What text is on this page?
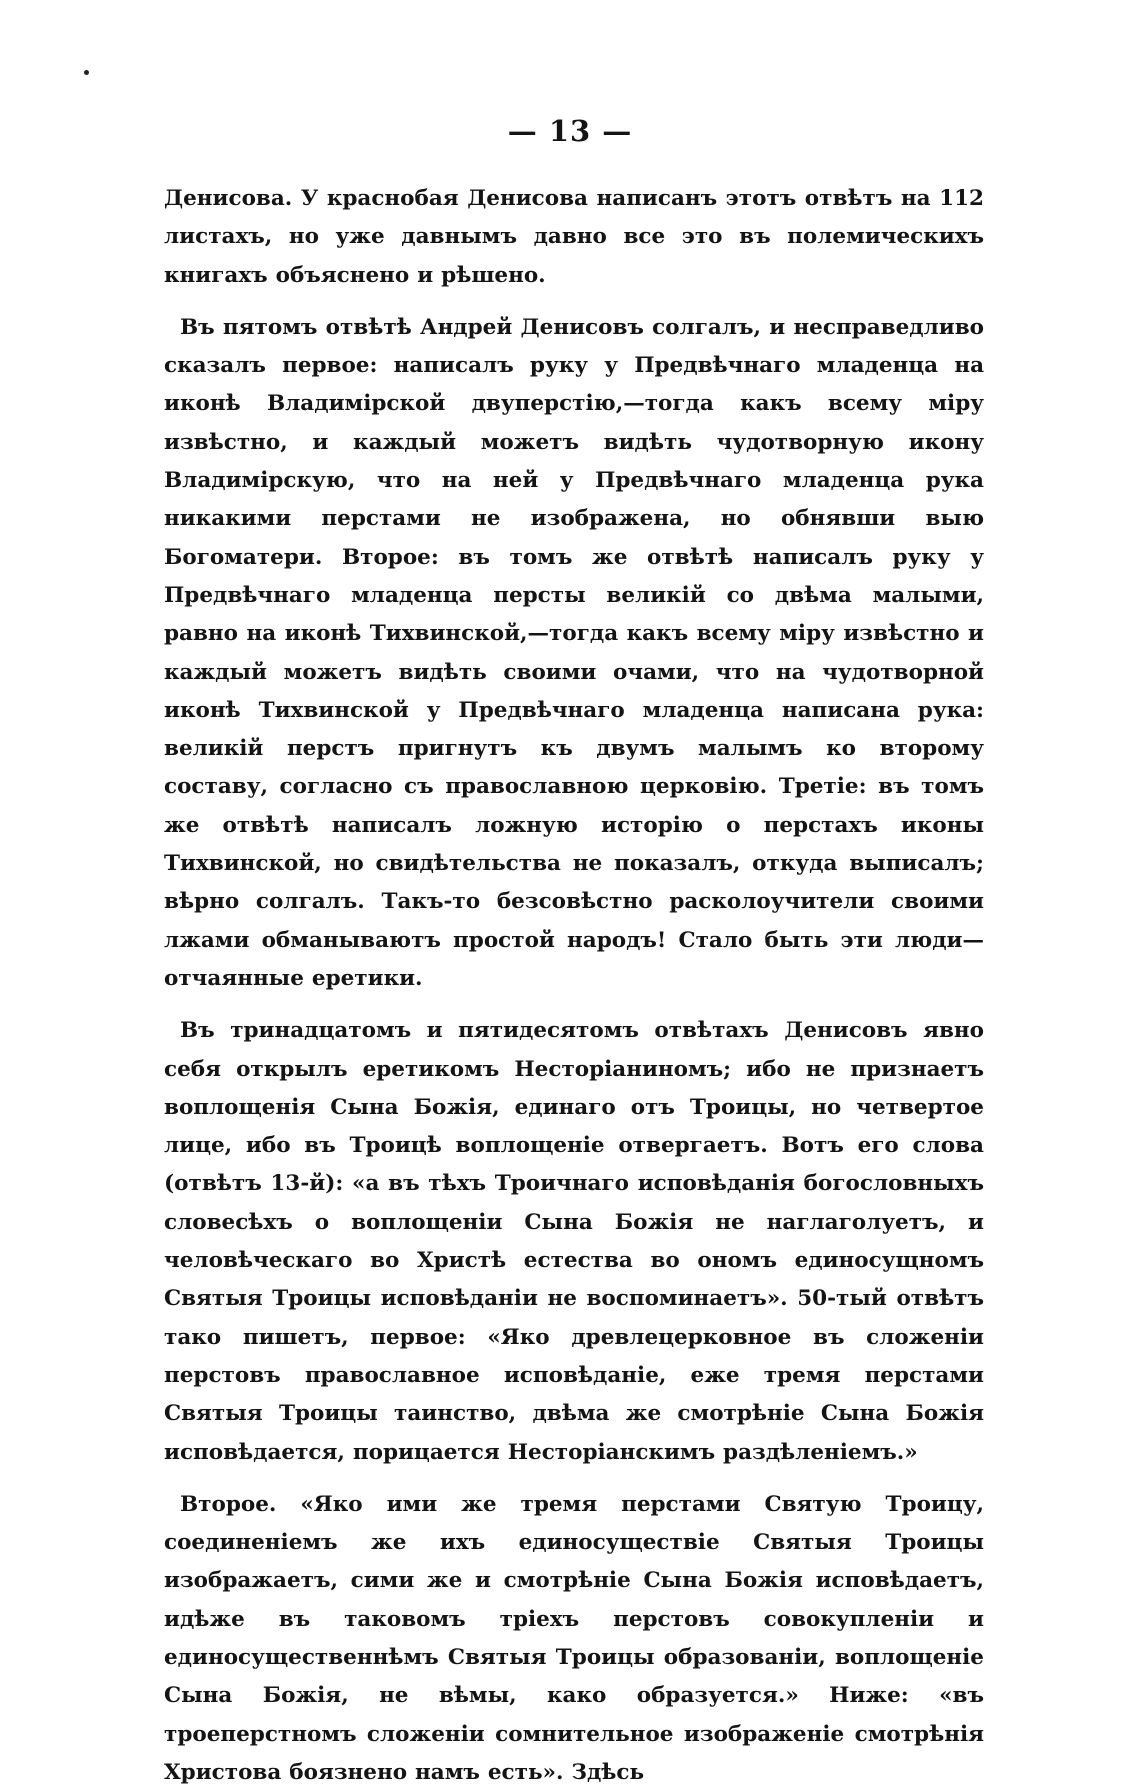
— 13 —

Денисова. У краснобая Денисова написанъ этотъ отвѣтъ на 112 листахъ, но уже давнымъ давно все это въ полемическихъ книгахъ объяснено и рѣшено.

Въ пятомъ отвѣтѣ Андрей Денисовъ солгалъ, и несправедливо сказалъ первое: написалъ руку у Предвѣчнаго младенца на иконѣ Владимірской двуперстію,—тогда какъ всему міру извѣстно, и каждый можетъ видѣть чудотворную икону Владимірскую, что на ней у Предвѣчнаго младенца рука никакими перстами не изображена, но обнявши выю Богоматери. Второе: въ томъ же отвѣтѣ написалъ руку у Предвѣчнаго младенца персты великій со двѣма малыми, равно на иконѣ Тихвинской,—тогда какъ всему міру извѣстно и каждый можетъ видѣть своими очами, что на чудотворной иконѣ Тихвинской у Предвѣчнаго младенца написана рука: великій перстъ пригнутъ къ двумъ малымъ ко второму составу, согласно съ православною церковію. Третіе: въ томъ же отвѣтѣ написалъ ложную исторію о перстахъ иконы Тихвинской, но свидѣтельства не показалъ, откуда выписалъ; вѣрно солгалъ. Такъ-то безсовѣстно расколоучители своими лжами обманываютъ простой народъ! Стало быть эти люди—отчаянные еретики.

Въ тринадцатомъ и пятидесятомъ отвѣтахъ Денисовъ явно себя открылъ еретикомъ Несторіаниномъ; ибо не признаетъ воплощенія Сына Божія, единаго отъ Троицы, но четвертое лице, ибо въ Троицѣ воплощеніе отвергаетъ. Вотъ его слова (отвѣтъ 13-й): «а въ тѣхъ Троичнаго исповѣданія богословныхъ словесѣхъ о воплощеніи Сына Божія не наглаголуетъ, и человѣческаго во Христѣ естества во ономъ единосущномъ Святыя Троицы исповѣданіи не воспоминаетъ». 50-тый отвѣтъ тако пишетъ, первое: «Яко древлецерковное въ сложеніи перстовъ православное исповѣданіе, еже тремя перстами Святыя Троицы таинство, двѣма же смотрѣніе Сына Божія исповѣдается, порицается Несторіанскимъ раздѣленіемъ.»

Второе. «Яко ими же тремя перстами Святую Троицу, соединеніемъ же ихъ единосуществіе Святыя Троицы изображаетъ, сими же и смотрѣніе Сына Божія исповѣдаетъ, идѣже въ таковомъ тріехъ перстовъ совокупленіи и единосущественнѣмъ Святыя Троицы образованіи, воплощеніе Сына Божія, не вѣмы, како образуется.» Ниже: «въ троеперстномъ сложеніи сомнительное изображеніе смотрѣнія Христова боязнено намъ есть». Здѣсь
